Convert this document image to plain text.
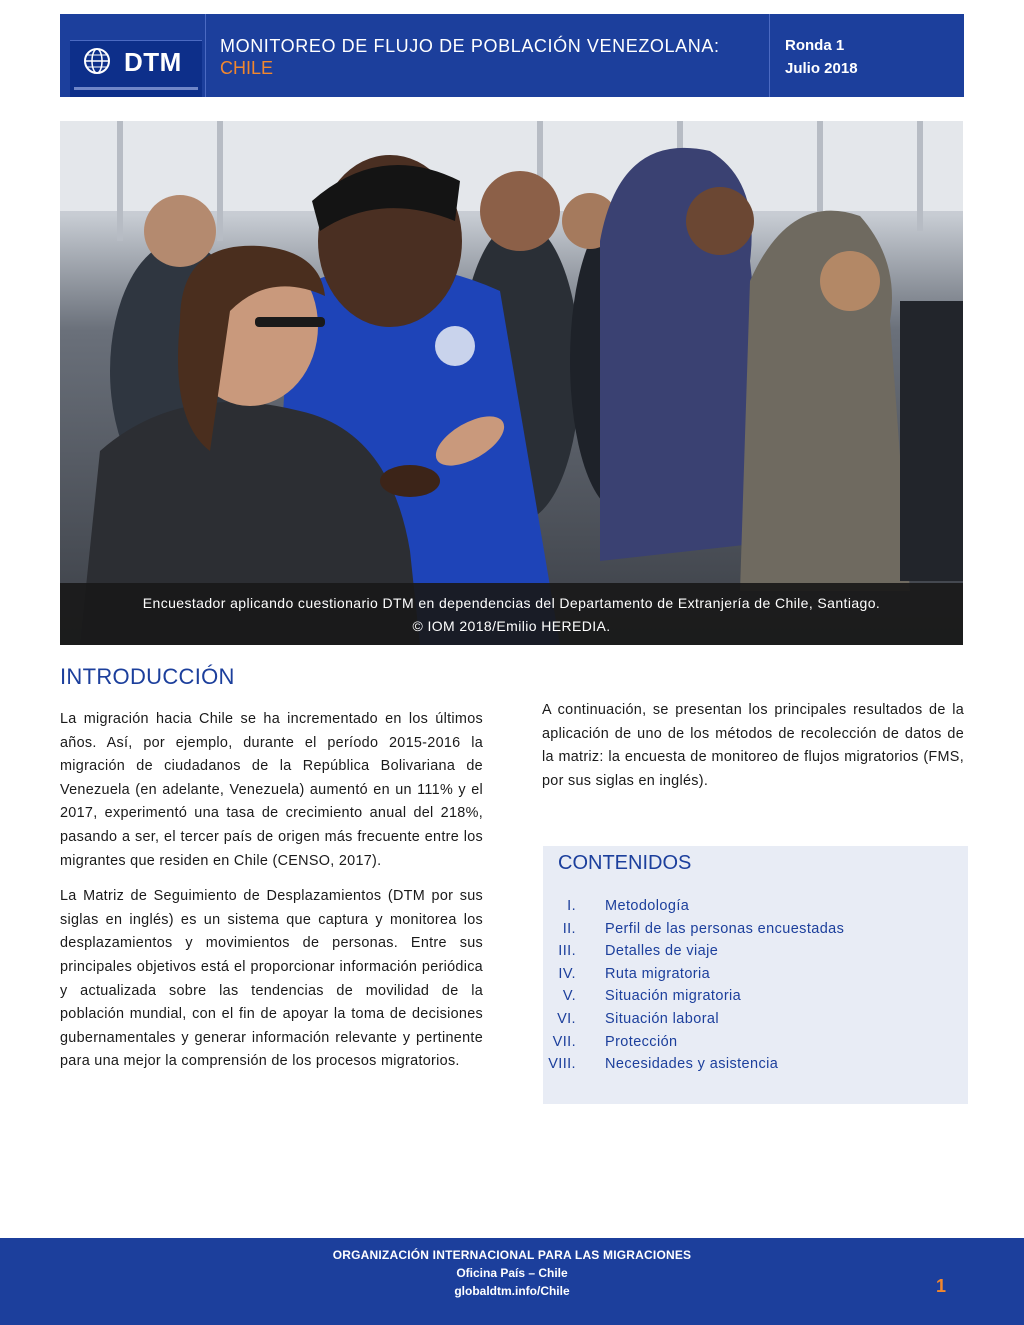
DTM
MONITOREO DE FLUJO DE POBLACIÓN VENEZOLANA:
CHILE
Ronda 1
Julio 2018
Encuestador aplicando cuestionario DTM en dependencias del Departamento de Extranjería de Chile, Santiago.
© IOM 2018/Emilio HEREDIA.
INTRODUCCIÓN

La migración hacia Chile se ha incrementado en los últimos años. Así, por ejemplo, durante el período 2015-2016 la migración de ciudadanos de la República Bolivariana de Venezuela (en adelante, Venezuela) aumentó en un 111% y el 2017, experimentó una tasa de crecimiento anual del 218%, pasando a ser, el tercer país de origen más frecuente entre los migrantes que residen en Chile (CENSO, 2017).

La Matriz de Seguimiento de Desplazamientos (DTM por sus siglas en inglés) es un sistema que captura y monitorea los desplazamientos y movimientos de personas. Entre sus principales objetivos está el proporcionar información periódica y actualizada sobre las tendencias de movilidad de la población mundial, con el fin de apoyar la toma de decisiones gubernamentales y generar información relevante y pertinente para una mejor la comprensión de los procesos migratorios.

A continuación, se presentan los principales resultados de la aplicación de uno de los métodos de recolección de datos de la matriz: la encuesta de monitoreo de flujos migratorios (FMS, por sus siglas en inglés).

CONTENIDOS
I. Metodología
II. Perfil de las personas encuestadas
III. Detalles de viaje
IV. Ruta migratoria
V. Situación migratoria
VI. Situación laboral
VII. Protección
VIII. Necesidades y asistencia
ORGANIZACIÓN INTERNACIONAL PARA LAS MIGRACIONES
Oficina País – Chile
globaldtm.info/Chile	1
